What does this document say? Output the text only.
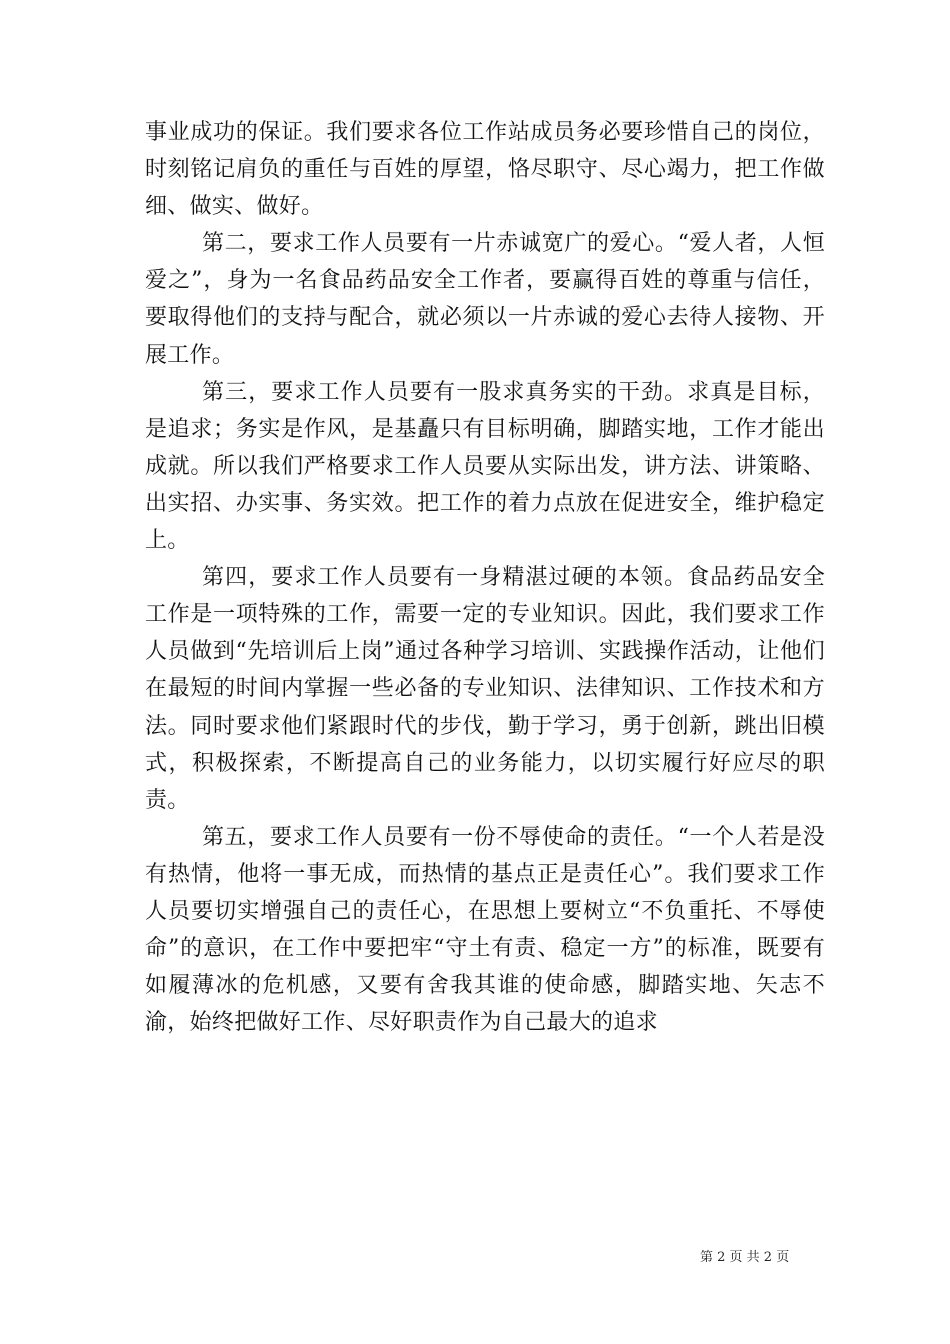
事业成功的保证。我们要求各位工作站成员务必要珍惜自己的岗位，时刻铭记肩负的重任与百姓的厚望，恪尽职守、尽心竭力，把工作做细、做实、做好。

第二，要求工作人员要有一片赤诚宽广的爱心。“爱人者，人恒爱之”，身为一名食品药品安全工作者，要赢得百姓的尊重与信任，要取得他们的支持与配合，就必须以一片赤诚的爱心去待人接物、开展工作。

第三，要求工作人员要有一股求真务实的干劲。求真是目标，是追求；务实是作风，是基矗只有目标明确，脚踏实地，工作才能出成就。所以我们严格要求工作人员要从实际出发，讲方法、讲策略、出实招、办实事、务实效。把工作的着力点放在促进安全，维护稳定上。

第四，要求工作人员要有一身精湛过硬的本领。食品药品安全工作是一项特殊的工作，需要一定的专业知识。因此，我们要求工作人员做到“先培训后上岗”通过各种学习培训、实践操作活动，让他们在最短的时间内掌握一些必备的专业知识、法律知识、工作技术和方法。同时要求他们紧跟时代的步伐，勤于学习，勇于创新，跳出旧模式，积极探索，不断提高自己的业务能力，以切实履行好应尽的职责。

第五，要求工作人员要有一份不辱使命的责任。“一个人若是没有热情，他将一事无成，而热情的基点正是责任心”。我们要求工作人员要切实增强自己的责任心，在思想上要树立“不负重托、不辱使命”的意识，在工作中要把牢“守土有责、稳定一方”的标准，既要有如履薄冰的危机感，又要有舍我其谁的使命感，脚踏实地、矢志不渝，始终把做好工作、尽好职责作为自己最大的追求

第 2 页 共 2 页
